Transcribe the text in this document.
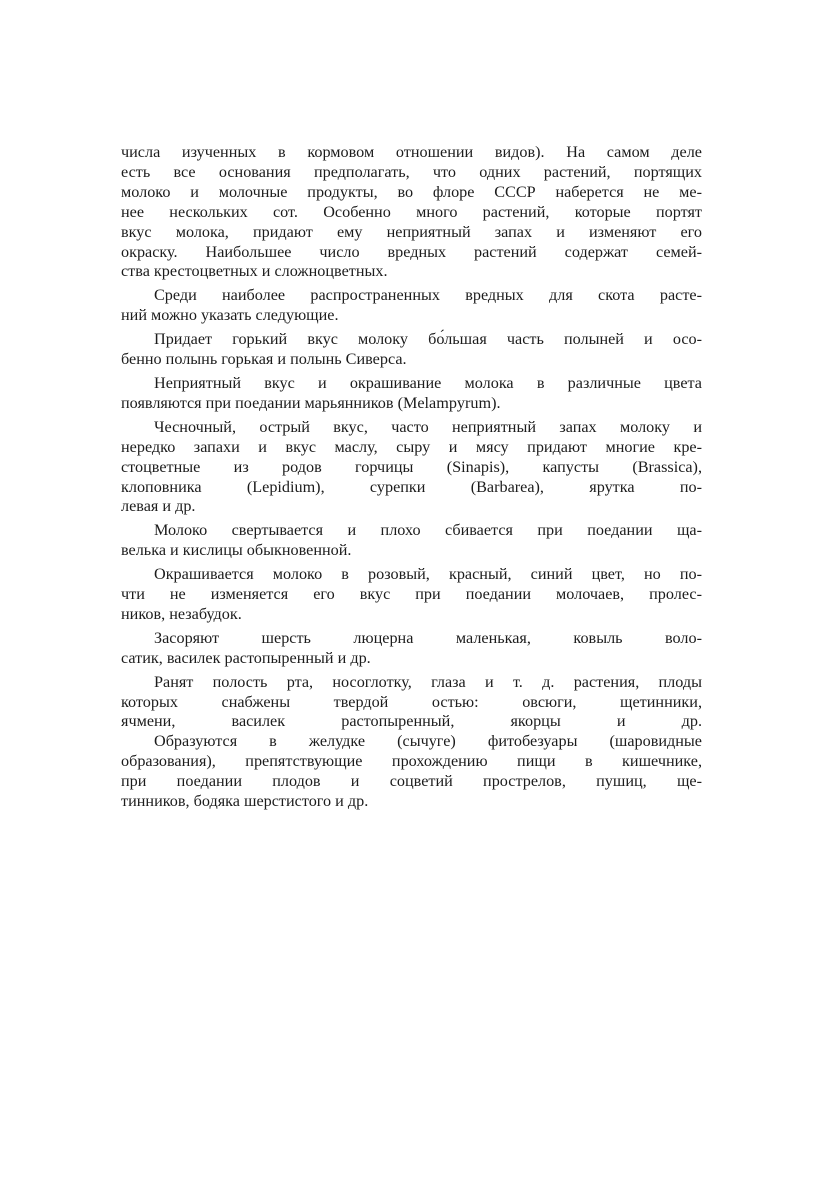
числа изученных в кормовом отношении видов). На самом деле
есть все основания предполагать, что одних растений, портящих
молоко и молочные продукты, во флоре СССР наберется не ме-
нее нескольких сот. Особенно много растений, которые портят
вкус молока, придают ему неприятный запах и изменяют его
окраску. Наибольшее число вредных растений содержат семей-
ства крестоцветных и сложноцветных.

Среди наиболее распространенных вредных для скота расте-
ний можно указать следующие.

Придает горький вкус молоку бо́льшая часть полыней и осо-
бенно полынь горькая и полынь Сиверса.

Неприятный вкус и окрашивание молока в различные цвета
появляются при поедании марьянников (Melampyrum).

Чесночный, острый вкус, часто неприятный запах молоку и
нередко запахи и вкус маслу, сыру и мясу придают многие кре-
стоцветные из родов горчицы (Sinapis), капусты (Brassica),
клоповника (Lepidium), сурепки (Barbarea), ярутка по-
левая и др.

Молоко свертывается и плохо сбивается при поедании ща-
велька и кислицы обыкновенной.

Окрашивается молоко в розовый, красный, синий цвет, но по-
чти не изменяется его вкус при поедании молочаев, пролес-
ников, незабудок.

Засоряют шерсть люцерна маленькая, ковыль воло-
сатик, василек растопыренный и др.

Ранят полость рта, носоглотку, глаза и т. д. растения, плоды
которых снабжены твердой остью: овсюги, щетинники,
ячмени, василек растопыренный, якорцы и др.

Образуются в желудке (сычуге) фитобезуары (шаровидные
образования), препятствующие прохождению пищи в кишечнике,
при поедании плодов и соцветий прострелов, пушиц, ще-
тинников, бодяка шерстистого и др.
